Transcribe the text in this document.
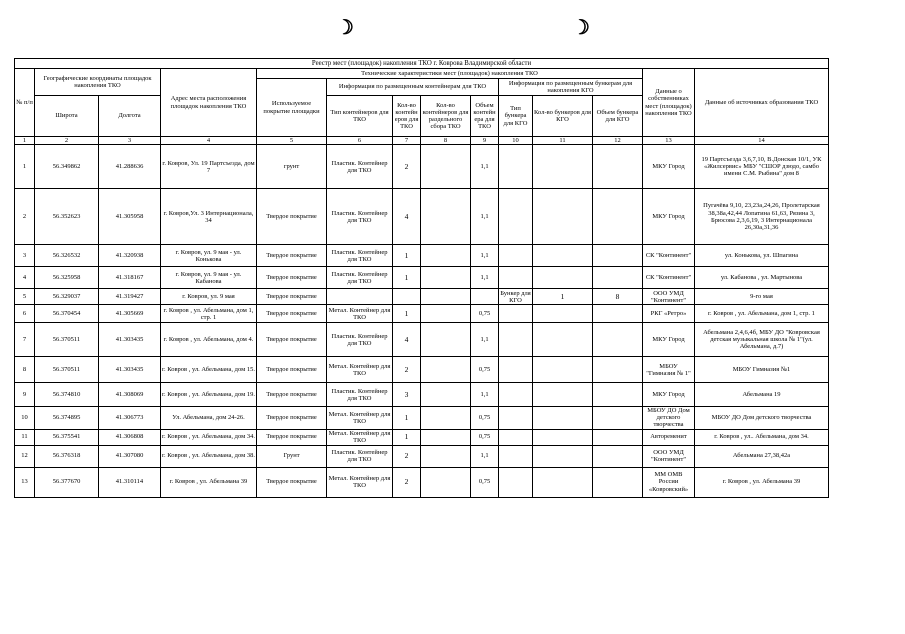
☽	☽
Реестр мест (площадок) накопления ТКО г. Коврова Владимирской области													
№ п/п	Географические координаты площадок накопления ТКО		Адрес места расположения площадок накопления ТКО	Технические характеристики мест (площадок) накопления ТКО								Данные о собственниках мест (площадок) накопления ТКО	Данные об источниках образования ТКО
				Используемое покрытие площадки	Информация по размещенным контейнерам для ТКО				Информация по размещенным бункерам для накопления КГО				
					Тип контейнеров для ТКО	Кол-во контейнеров для ТКО	Кол-во контейнеров для раздельного сбора ТКО	Объем контейнера для ТКО	Тип бункера для КГО	Кол-во бункеров для КГО	Объем бункера для КГО		
	Широта	Долгота											
1	2	3	4	5	6	7	8	9	10	11	12	13	14
1	56.349862	41.288636	г. Ковров, Ул. 19 Партсъезда, дом 7	грунт	Пластик. Контейнер для ТКО	2		1,1				МКУ Город	19 Партсъезда 3,6,7,10, В.Донская 10/1, УК «Жилсервис» МБУ "СШОР дзюдо, самбо имени С.М. Рыбина" дом 8
2	56.352623	41.305958	г. Ковров,Ул. 3 Интернационала, 34	Твердое покрытие	Пластик. Контейнер для ТКО	4		1,1				МКУ Город	Пугачёва 9,10, 23,23а,24,26, Пролетарская 38,38а,42,44 Лопатина 61,63, Рязина 3, Брюсова 2,3,6,19, 3 Интернационала 26,30а,31,36
3	56.326532	41.320938	г. Ковров, ул. 9 мая - ул. Конькова	Твердое покрытие	Пластик. Контейнер для ТКО	1		1,1				СК "Континент"	ул. Конькова, ул. Шпагина
4	56.325958	41.318167	г. Ковров, ул. 9 мая - ул. Кабанова	Твердое покрытие	Пластик. Контейнер для ТКО	1		1,1				СК "Континент"	ул. Кабанова , ул. Мартынова
5	56.329037	41.319427	г. Ковров, ул. 9 мая	Твердое покрытие					Бункер для КГО	1	8	ООО УМД "Континент"	9-го мая
6	56.370454	41.305669	г. Ковров , ул. Абельмана, дом 1, стр. 1	Твердое покрытие	Метал. Контейнер для ТКО	1		0,75				РКГ «Ретро»	г. Ковров , ул. Абельмана, дом 1, стр. 1
7	56.370511	41.303435	г. Ковров , ул. Абельмана, дом 4.	Твердое покрытие	Пластик. Контейнер для ТКО	4		1,1				МКУ Город	Абельмана 2,4,6,4б, МБУ ДО "Ковровская детская музыкальная школа № 1"(ул. Абельмана, д.7)
8	56.370511	41.303435	г. Ковров , ул. Абельмана, дом 15.	Твердое покрытие	Метал. Контейнер для ТКО	2		0,75				МБОУ "Гимназия № 1"	МБОУ Гимназия №1
9	56.374810	41.308069	г. Ковров , ул. Абельмана, дом 19.	Твердое покрытие	Пластик. Контейнер для ТКО	3		1,1				МКУ Город	Абельмана 19
10	56.374895	41.306773	Ул. Абельмана, дом 24-26.	Твердое покрытие	Метал. Контейнер для ТКО	1		0,75				МБОУ ДО Дом детского творчества	МБОУ ДО Дом детского творчества
11	56.375541	41.306808	г. Ковров , ул. Абельмана, дом 34.	Твердое покрытие	Метал. Контейнер для ТКО	1		0,75				Автоременит	г. Ковров , ул.. Абельмана, дом 34.
12	56.376318	41.307080	г. Ковров , ул. Абельмана, дом 38.	Грунт	Пластик. Контейнер для ТКО	2		1,1				ООО УМД "Континент"	Абельмана 27,38,42а
13	56.377670	41.310114	г. Ковров , ул. Абельмана 39	Твердое покрытие	Метал. Контейнер для ТКО	2		0,75				ММ ОМВ России «Ковровский»	г. Ковров , ул. Абельмана 39
